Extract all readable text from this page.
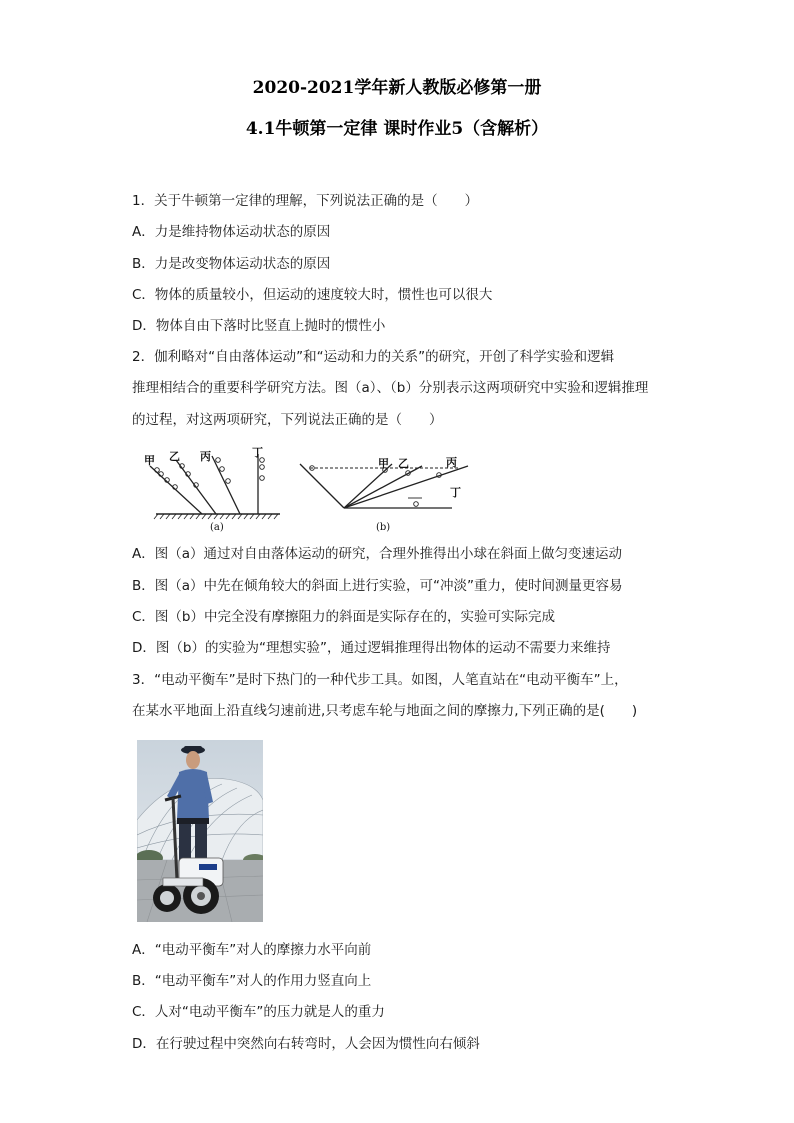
2020-2021学年新人教版必修第一册
4.1牛顿第一定律 课时作业5（含解析）
1．关于牛顿第一定律的理解，下列说法正确的是（　　）
A．力是维持物体运动状态的原因
B．力是改变物体运动状态的原因
C．物体的质量较小，但运动的速度较大时，惯性也可以很大
D．物体自由下落时比竖直上抛时的惯性小
2．伽利略对“自由落体运动”和“运动和力的关系”的研究，开创了科学实验和逻辑
推理相结合的重要科学研究方法。图（a）、（b）分别表示这两项研究中实验和逻辑推理
的过程，对这两项研究，下列说法正确的是（　　）
甲 乙 丙	丁
(a)
甲 乙	丙
丁
(b)
A．图（a）通过对自由落体运动的研究，合理外推得出小球在斜面上做匀变速运动
B．图（a）中先在倾角较大的斜面上进行实验，可“冲淡”重力，使时间测量更容易
C．图（b）中完全没有摩擦阻力的斜面是实际存在的，实验可实际完成
D．图（b）的实验为“理想实验”，通过逻辑推理得出物体的运动不需要力来维持
3．“电动平衡车”是时下热门的一种代步工具。如图，人笔直站在“电动平衡车”上，
在某水平地面上沿直线匀速前进,只考虑车轮与地面之间的摩擦力,下列正确的是(　　)
A．“电动平衡车”对人的摩擦力水平向前
B．“电动平衡车”对人的作用力竖直向上
C．人对“电动平衡车”的压力就是人的重力
D．在行驶过程中突然向右转弯时，人会因为惯性向右倾斜
